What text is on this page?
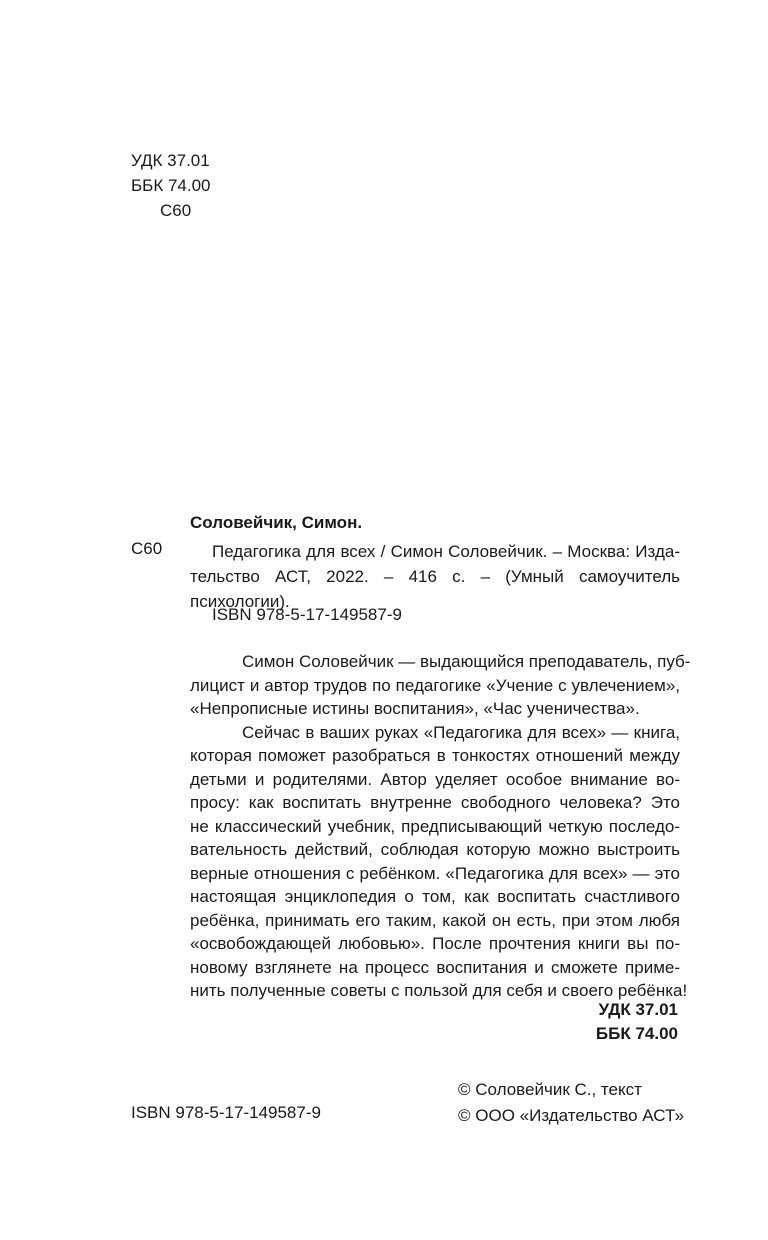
УДК 37.01
ББК 74.00
С60
Соловейчик, Симон.
С60	Педагогика для всех / Симон Соловейчик. – Москва: Изда-
тельство АСТ, 2022. – 416 с. – (Умный самоучитель психологии).
ISBN 978-5-17-149587-9
Симон Соловейчик — выдающийся преподаватель, пуб-
лицист и автор трудов по педагогике «Учение с увлечением»,
«Непрописные истины воспитания», «Час ученичества».
Сейчас в ваших руках «Педагогика для всех» — книга,
которая поможет разобраться в тонкостях отношений между
детьми и родителями. Автор уделяет особое внимание во-
просу: как воспитать внутренне свободного человека? Это
не классический учебник, предписывающий четкую последо-
вательность действий, соблюдая которую можно выстроить
верные отношения с ребёнком. «Педагогика для всех» — это
настоящая энциклопедия о том, как воспитать счастливого
ребёнка, принимать его таким, какой он есть, при этом любя
«освобождающей любовью». После прочтения книги вы по-
новому взглянете на процесс воспитания и сможете приме-
нить полученные советы с пользой для себя и своего ребёнка!
УДК 37.01
ББК 74.00
ISBN 978-5-17-149587-9
© Соловейчик С., текст
© ООО «Издательство АСТ»
